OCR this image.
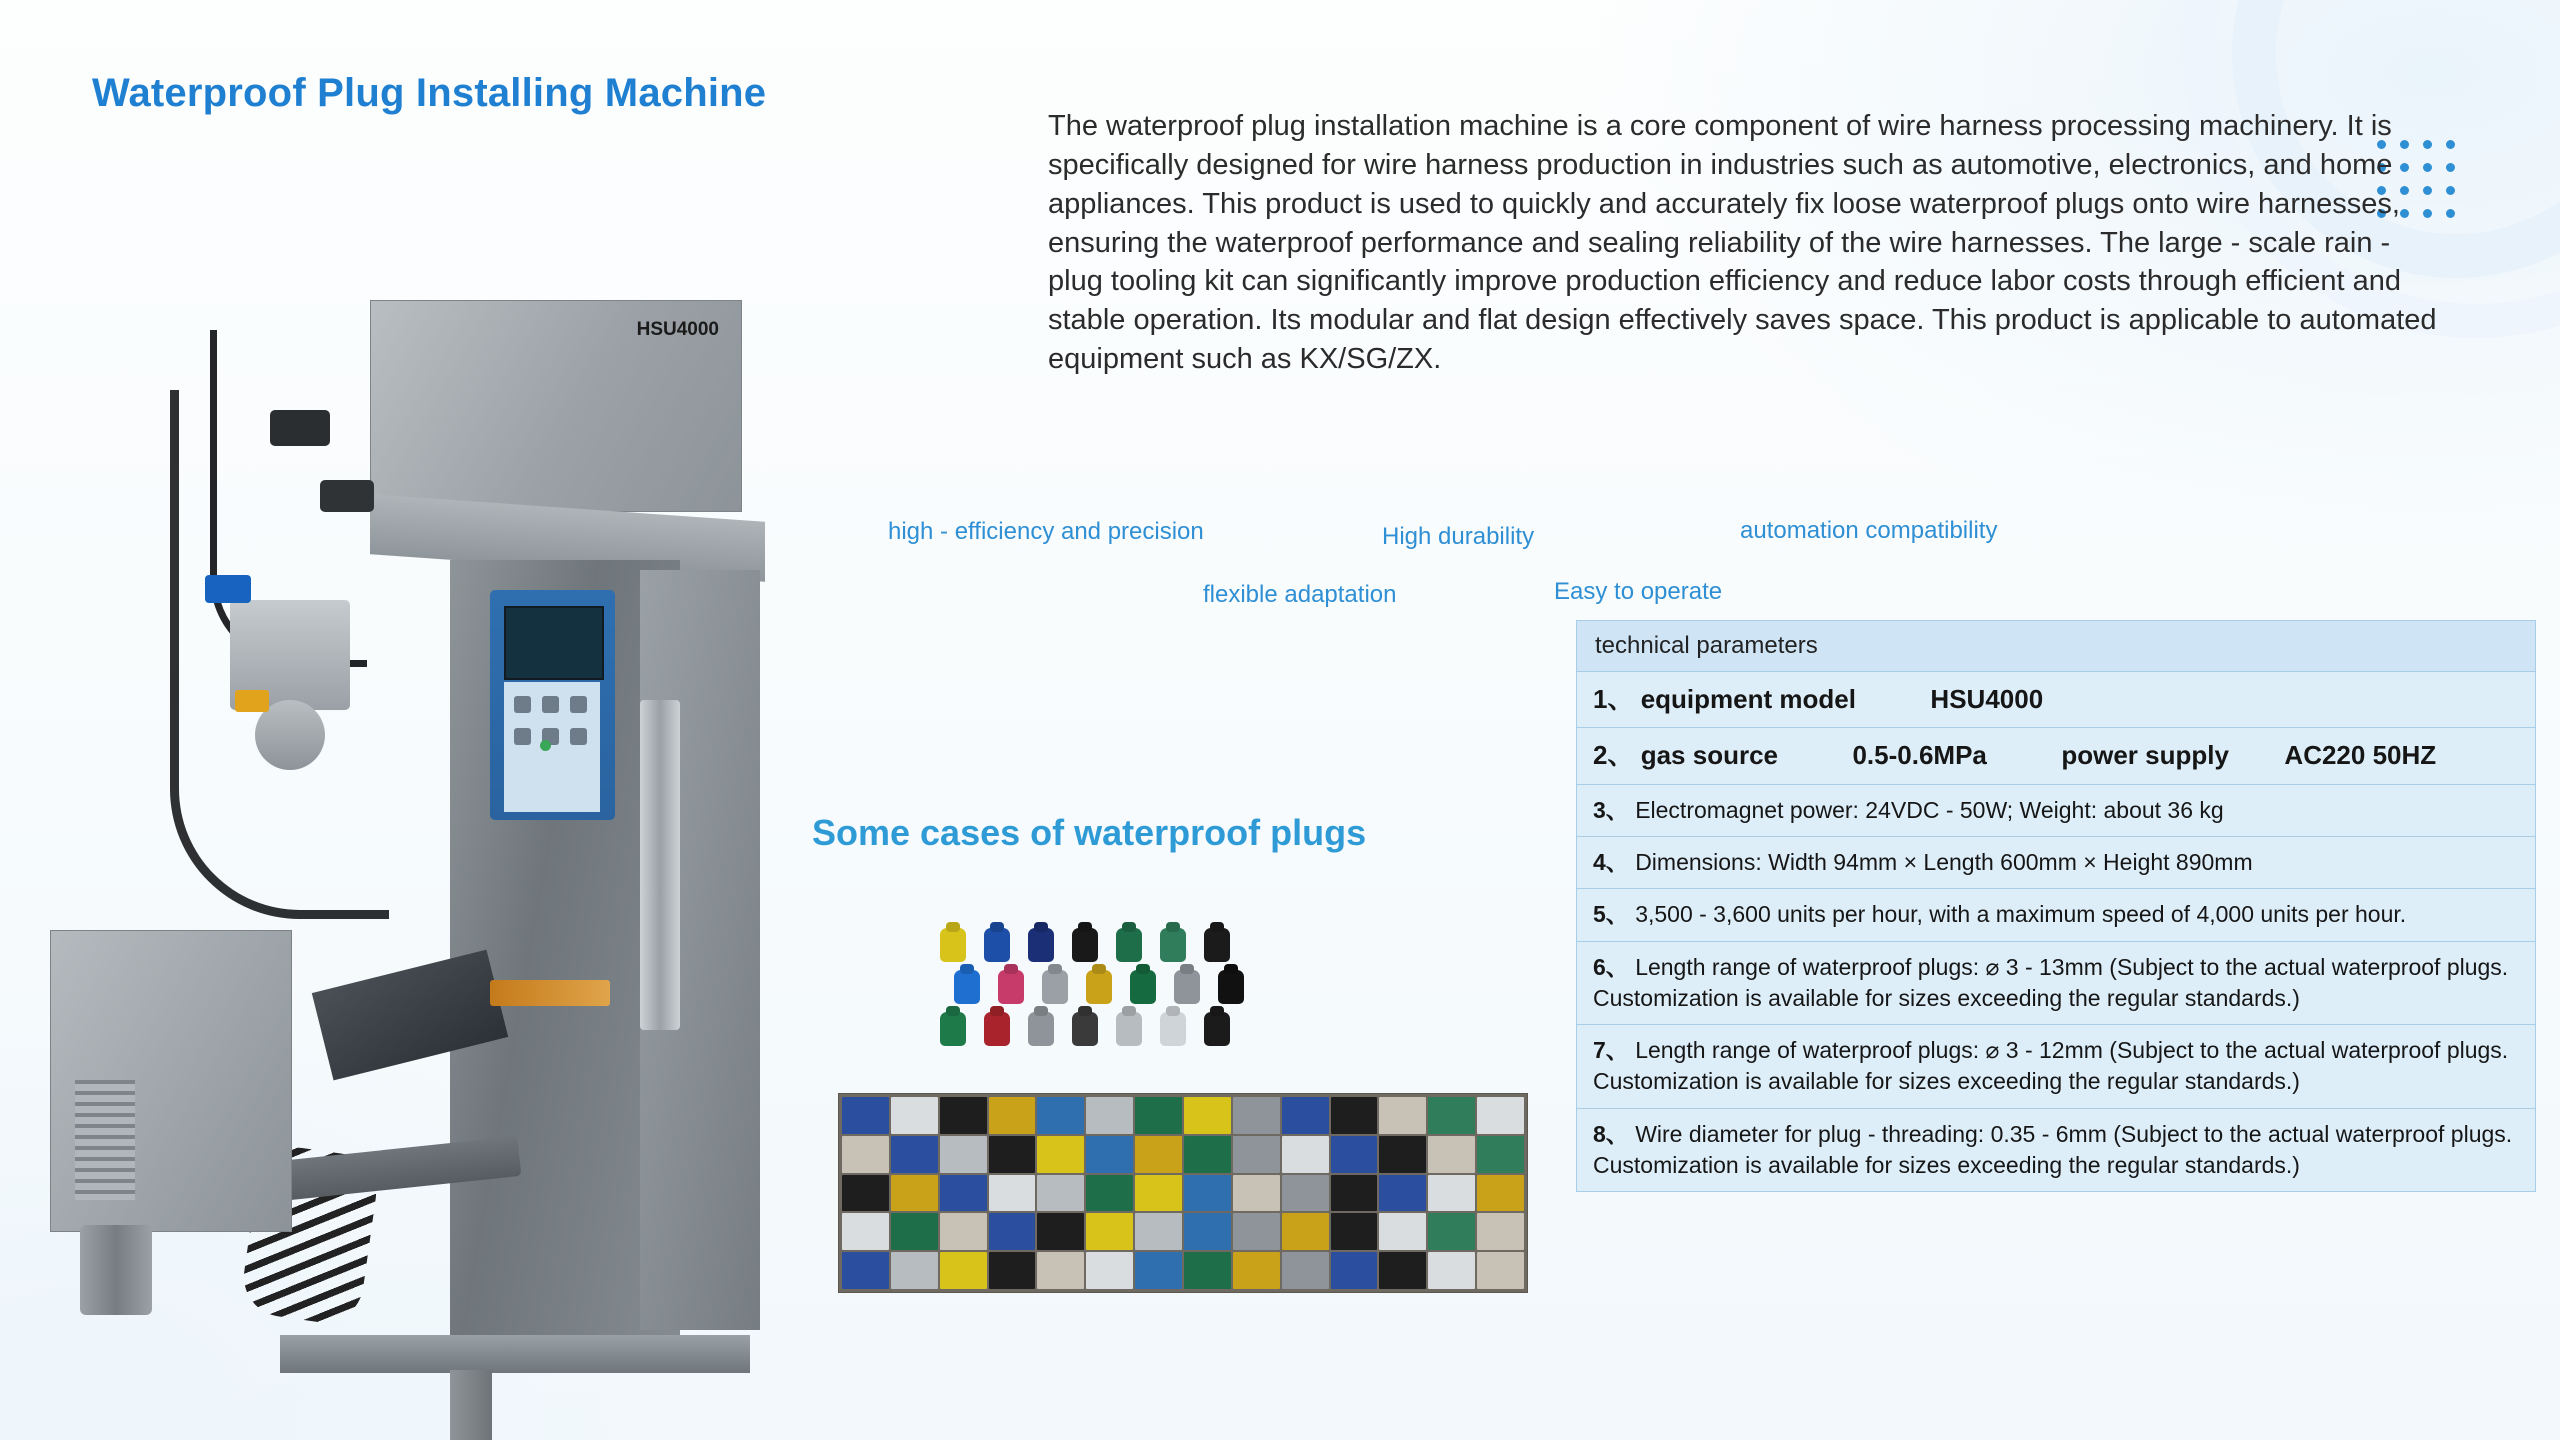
Waterproof Plug Installing Machine

The waterproof plug installation machine is a core component of wire harness processing machinery. It is specifically designed for wire harness production in industries such as automotive, electronics, and home appliances. This product is used to quickly and accurately fix loose waterproof plugs onto wire harnesses, ensuring the waterproof performance and sealing reliability of the wire harnesses. The large - scale rain - plug tooling kit can significantly improve production efficiency and reduce labor costs through efficient and stable operation. Its modular and flat design effectively saves space. This product is applicable to automated equipment such as KX/SG/ZX.

high - efficiency and precision	High durability	automation compatibility
flexible adaptation	Easy to operate
Some cases of waterproof plugs
HSU4000
technical parameters
1、 equipment model	HSU4000
2、 gas source	0.5-0.6MPa	power supply AC220 50HZ
3、 Electromagnet power: 24VDC - 50W; Weight: about 36 kg
4、 Dimensions: Width 94mm × Length 600mm × Height 890mm
5、 3,500 - 3,600 units per hour, with a maximum speed of 4,000 units per hour.
6、 Length range of waterproof plugs: ⌀ 3 - 13mm (Subject to the actual waterproof plugs. Customization is available for sizes exceeding the regular standards.)
7、 Length range of waterproof plugs: ⌀ 3 - 12mm (Subject to the actual waterproof plugs. Customization is available for sizes exceeding the regular standards.)
8、 Wire diameter for plug - threading: 0.35 - 6mm (Subject to the actual waterproof plugs. Customization is available for sizes exceeding the regular standards.)
